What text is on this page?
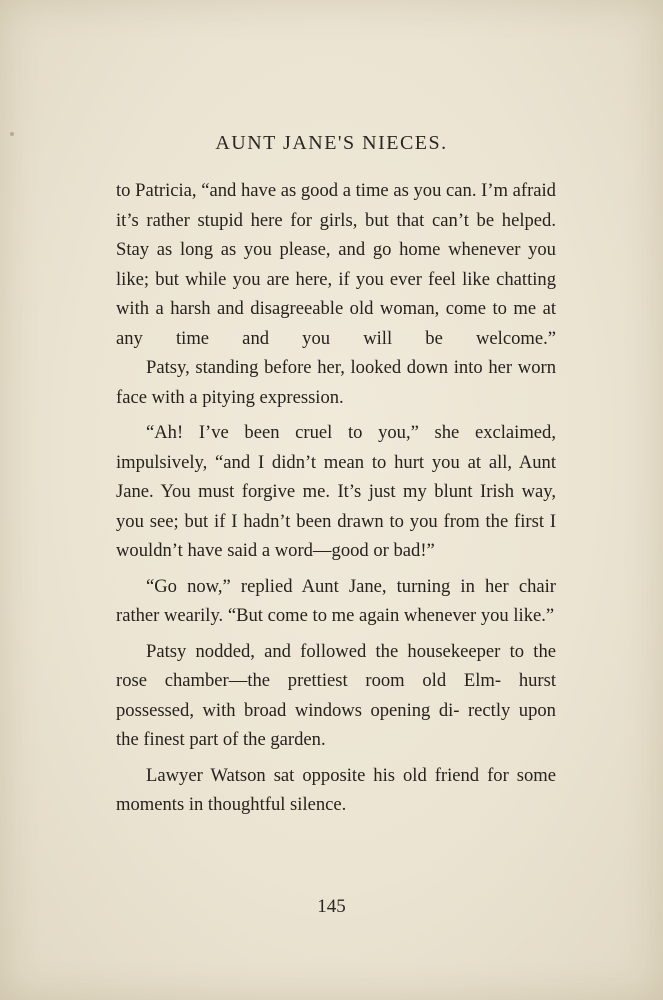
AUNT JANE'S NIECES.

to Patricia, “and have as good a time as you can. I’m afraid it’s rather stupid here for girls, but that can’t be helped. Stay as long as you please, and go home whenever you like; but while you are here, if you ever feel like chatting with a harsh and disagreeable old woman, come to me at any time and you will be welcome.”

Patsy, standing before her, looked down into her worn face with a pitying expression.

“Ah! I’ve been cruel to you,” she exclaimed, impulsively, “and I didn’t mean to hurt you at all, Aunt Jane. You must forgive me. It’s just my blunt Irish way, you see; but if I hadn’t been drawn to you from the first I wouldn’t have said a word—good or bad!”

“Go now,” replied Aunt Jane, turning in her chair rather wearily. “But come to me again whenever you like.”

Patsy nodded, and followed the housekeeper to the rose chamber—the prettiest room old Elm- hurst possessed, with broad windows opening di- rectly upon the finest part of the garden.

Lawyer Watson sat opposite his old friend for some moments in thoughtful silence.

145
